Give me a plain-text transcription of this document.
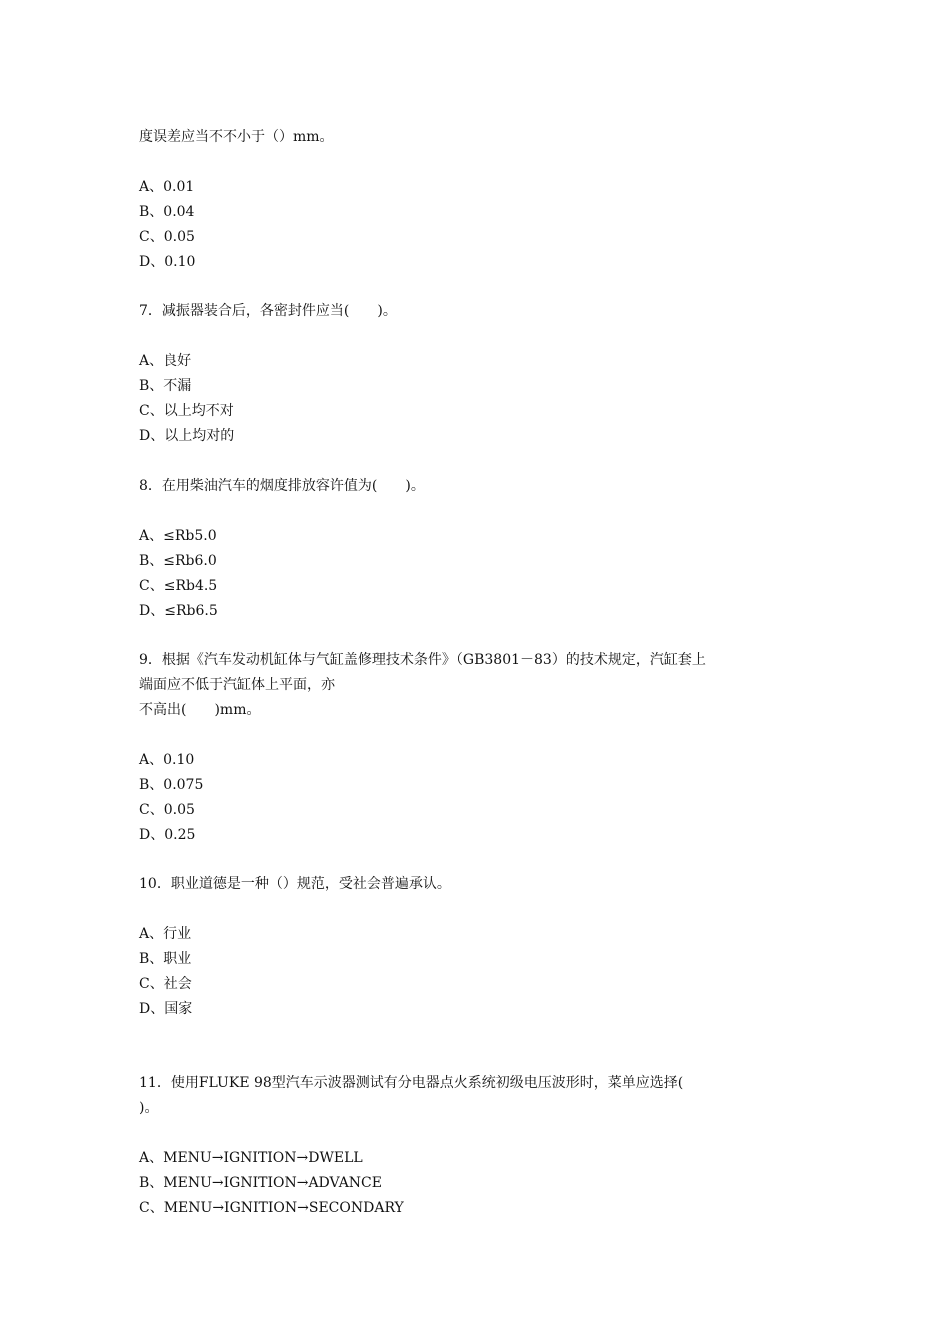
度误差应当不不小于（）mm。
A、0.01
B、0.04
C、0.05
D、0.10
7．减振器装合后，各密封件应当(　　)。
A、良好
B、不漏
C、以上均不对
D、以上均对的
8．在用柴油汽车的烟度排放容许值为(　　)。
A、≤Rb5.0
B、≤Rb6.0
C、≤Rb4.5
D、≤Rb6.5
9．根据《汽车发动机缸体与气缸盖修理技术条件》（GB3801－83）的技术规定，汽缸套上
端面应不低于汽缸体上平面，亦
不高出(　　)mm。
A、0.10
B、0.075
C、0.05
D、0.25
10．职业道德是一种（）规范，受社会普遍承认。
A、行业
B、职业
C、社会
D、国家
11．使用FLUKE 98型汽车示波器测试有分电器点火系统初级电压波形时，菜单应选择(
)。
A、MENU→IGNITION→DWELL
B、MENU→IGNITION→ADVANCE
C、MENU→IGNITION→SECONDARY
